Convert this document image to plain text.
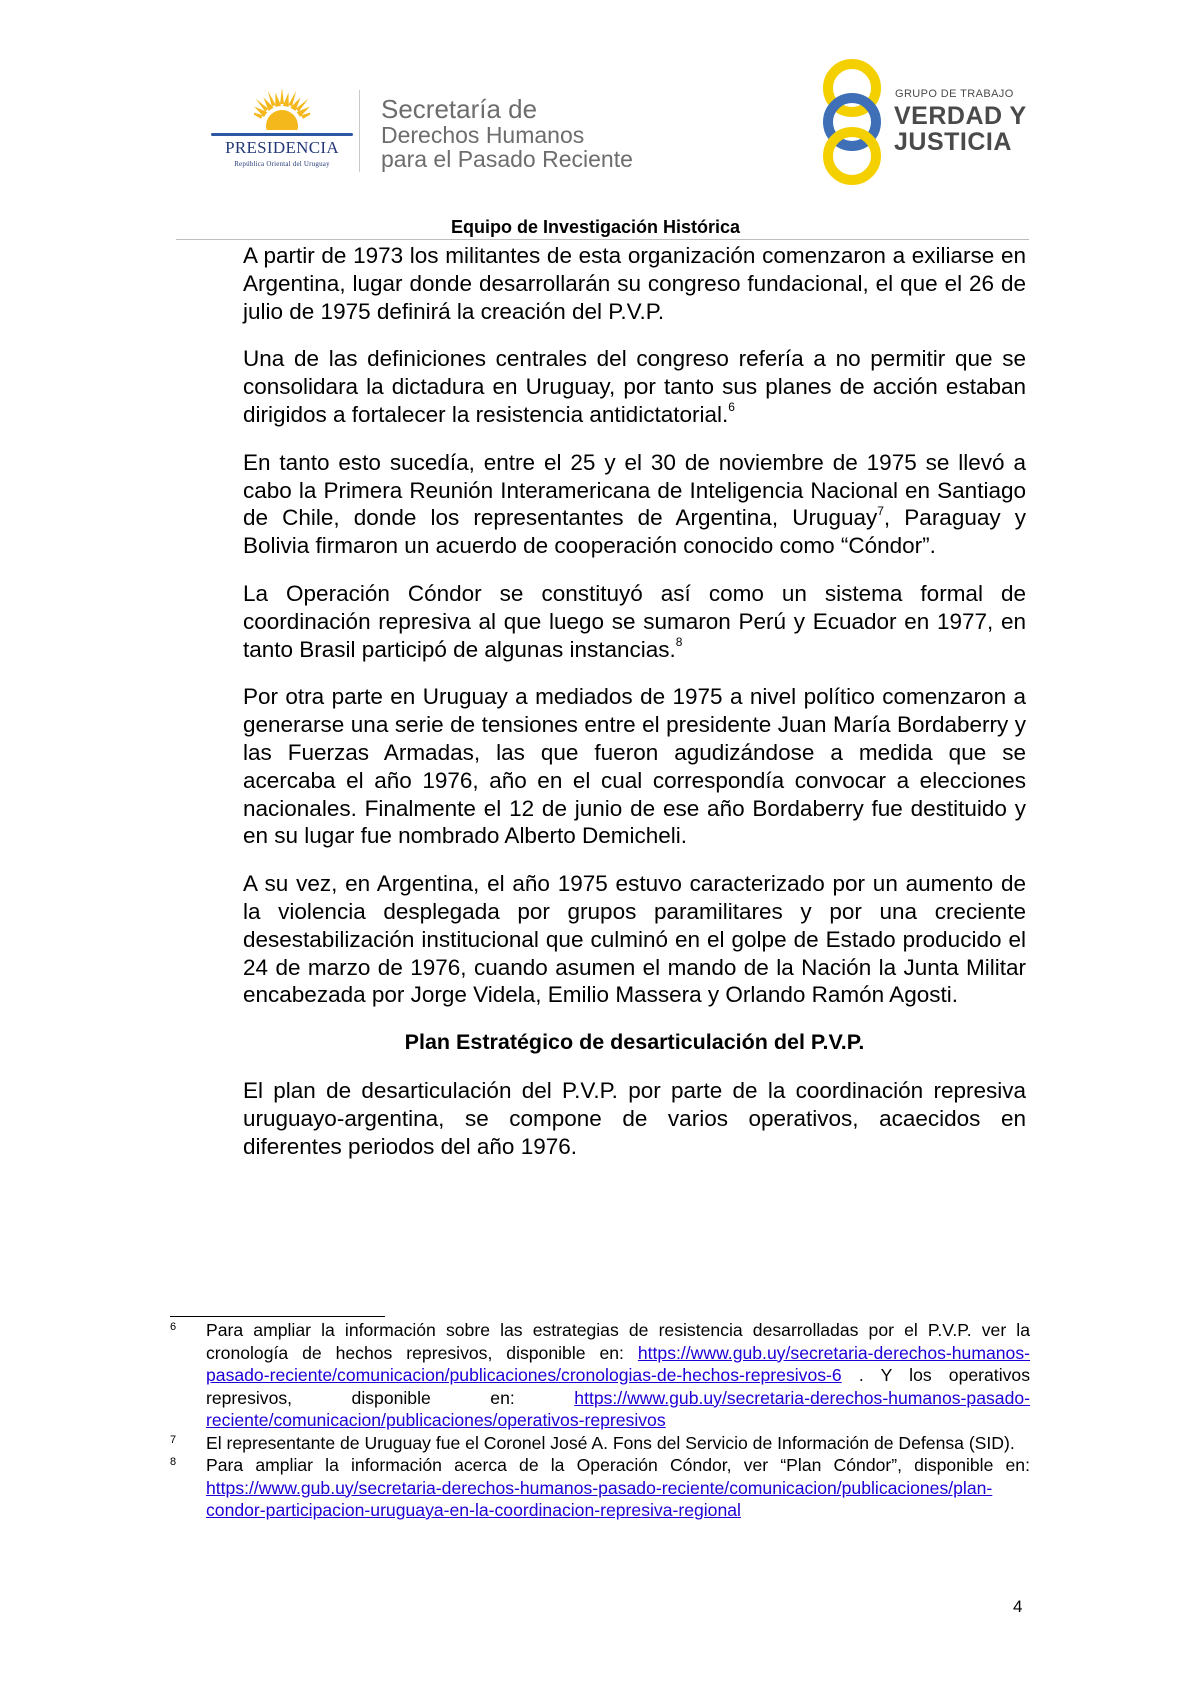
PRESIDENCIA
República Oriental del Uruguay
Secretaría de
Derechos Humanos
para el Pasado Reciente
GRUPO DE TRABAJO
VERDAD Y
JUSTICIA
Equipo de Investigación Histórica

A partir de 1973 los militantes de esta organización comenzaron a exiliarse en Argentina, lugar donde desarrollarán su congreso fundacional, el que el 26 de julio de 1975 definirá la creación del P.V.P.

Una de las definiciones centrales del congreso refería a no permitir que se consolidara la dictadura en Uruguay, por tanto sus planes de acción estaban dirigidos a fortalecer la resistencia antidictatorial.$^6$

En tanto esto sucedía, entre el 25 y el 30 de noviembre de 1975 se llevó a cabo la Primera Reunión Interamericana de Inteligencia Nacional en Santiago de Chile, donde los representantes de Argentina, Uruguay$^7$, Paraguay y Bolivia firmaron un acuerdo de cooperación conocido como “Cóndor”.

La Operación Cóndor se constituyó así como un sistema formal de coordinación represiva al que luego se sumaron Perú y Ecuador en 1977, en tanto Brasil participó de algunas instancias.$^8$

Por otra parte en Uruguay a mediados de 1975 a nivel político comenzaron a generarse una serie de tensiones entre el presidente Juan María Bordaberry y las Fuerzas Armadas, las que fueron agudizándose a medida que se acercaba el año 1976, año en el cual correspondía convocar a elecciones nacionales. Finalmente el 12 de junio de ese año Bordaberry fue destituido y en su lugar fue nombrado Alberto Demicheli.

A su vez, en Argentina, el año 1975 estuvo caracterizado por un aumento de la violencia desplegada por grupos paramilitares y por una creciente desestabilización institucional que culminó en el golpe de Estado producido el 24 de marzo de 1976, cuando asumen el mando de la Nación la Junta Militar encabezada por Jorge Videla, Emilio Massera y Orlando Ramón Agosti.

Plan Estratégico de desarticulación del P.V.P.

El plan de desarticulación del P.V.P. por parte de la coordinación represiva uruguayo-argentina, se compone de varios operativos, acaecidos en diferentes periodos del año 1976.

6 Para ampliar la información sobre las estrategias de resistencia desarrolladas por el P.V.P. ver la cronología de hechos represivos, disponible en: https://www.gub.uy/secretaria-derechos-humanos-pasado-reciente/comunicacion/publicaciones/cronologias-de-hechos-represivos-6 . Y los operativos represivos, disponible en: https://www.gub.uy/secretaria-derechos-humanos-pasado-reciente/comunicacion/publicaciones/operativos-represivos

7 El representante de Uruguay fue el Coronel José A. Fons del Servicio de Información de Defensa (SID).

8 Para ampliar la información acerca de la Operación Cóndor, ver “Plan Cóndor”, disponible en: https://www.gub.uy/secretaria-derechos-humanos-pasado-reciente/comunicacion/publicaciones/plan-condor-participacion-uruguaya-en-la-coordinacion-represiva-regional

4
